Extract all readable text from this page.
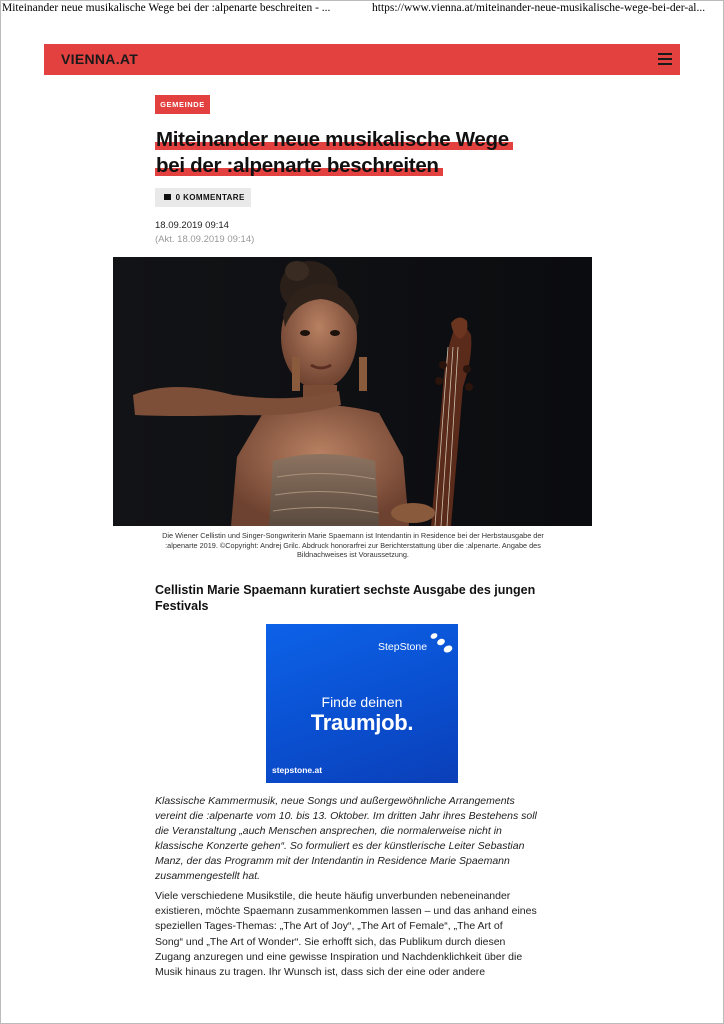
Miteinander neue musikalische Wege bei der :alpenarte beschreiten - ...	https://www.vienna.at/miteinander-neue-musikalische-wege-bei-der-al...
VIENNA.AT
GEMEINDE
Miteinander neue musikalische Wege
bei der :alpenarte beschreiten
0 KOMMENTARE
18.09.2019 09:14
(Akt. 18.09.2019 09:14)
Die Wiener Cellistin und Singer-Songwriterin Marie Spaemann ist Intendantin in Residence bei der Herbstausgabe der
:alpenarte 2019. ©Copyright: Andrej Grilc. Abdruck honorarfrei zur Berichterstattung über die :alpenarte. Angabe des
Bildnachweises ist Voraussetzung.
Cellistin Marie Spaemann kuratiert sechste Ausgabe des jungen
Festivals
StepStone
Finde deinen
Traumjob.
stepstone.at

Klassische Kammermusik, neue Songs und außergewöhnliche Arrangements
vereint die :alpenarte vom 10. bis 13. Oktober. Im dritten Jahr ihres Bestehens soll
die Veranstaltung „auch Menschen ansprechen, die normalerweise nicht in
klassische Konzerte gehen“. So formuliert es der künstlerische Leiter Sebastian
Manz, der das Programm mit der Intendantin in Residence Marie Spaemann
zusammengestellt hat.

Viele verschiedene Musikstile, die heute häufig unverbunden nebeneinander
existieren, möchte Spaemann zusammenkommen lassen – und das anhand eines
speziellen Tages-Themas: „The Art of Joy“, „The Art of Female“, „The Art of
Song“ und „The Art of Wonder“. Sie erhofft sich, das Publikum durch diesen
Zugang anzuregen und eine gewisse Inspiration und Nachdenklichkeit über die
Musik hinaus zu tragen. Ihr Wunsch ist, dass sich der eine oder andere
